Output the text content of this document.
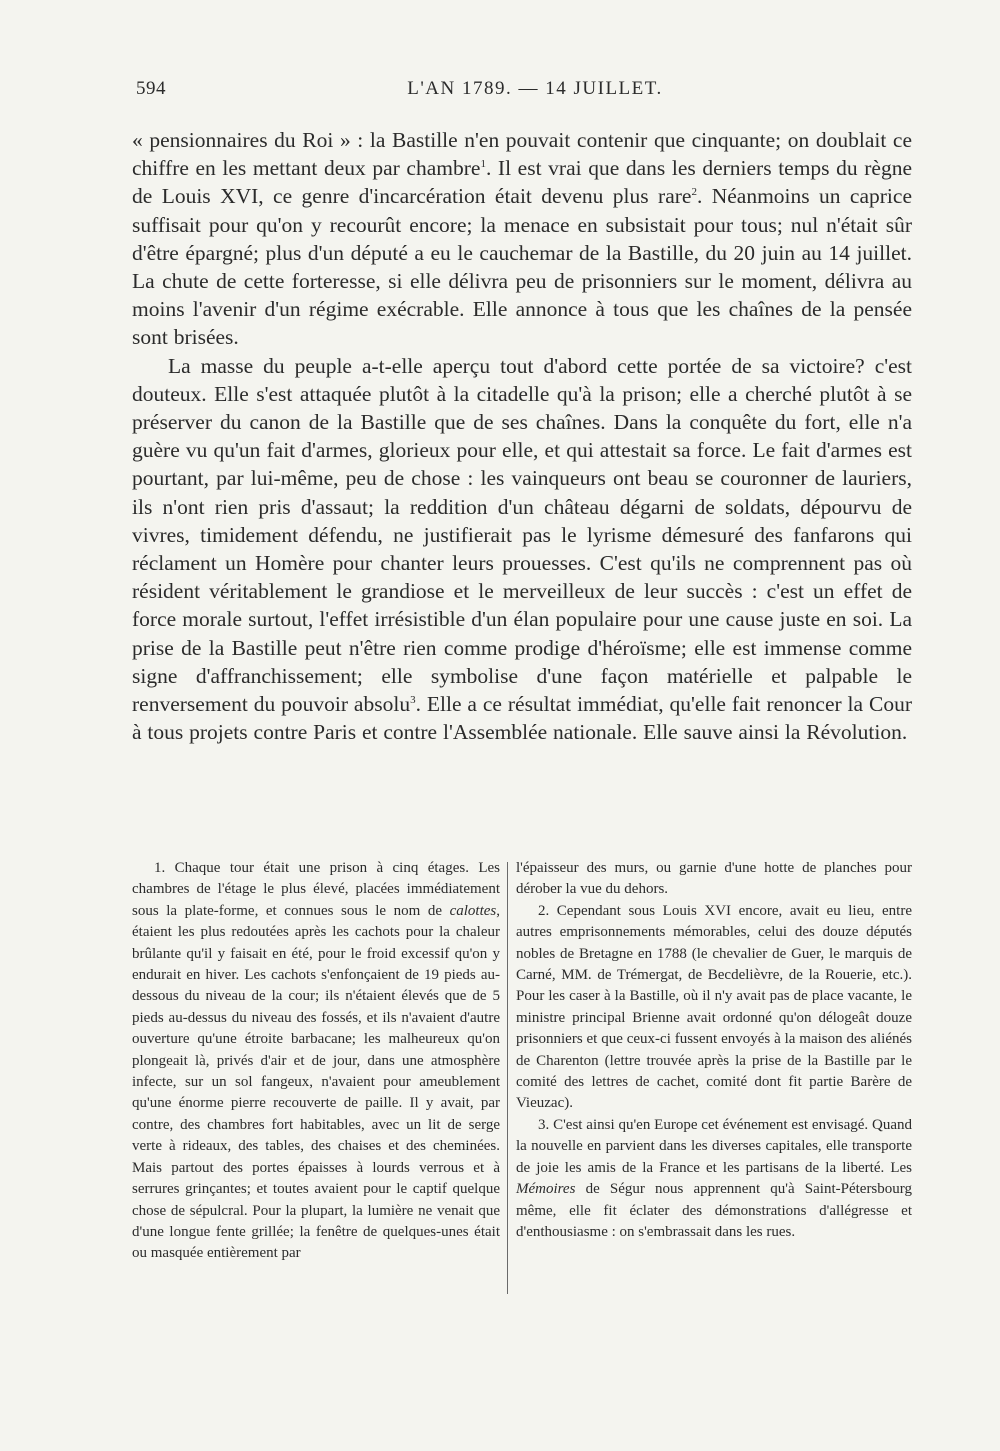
594	L'AN 1789. — 14 JUILLET.

« pensionnaires du Roi » : la Bastille n'en pouvait contenir que cinquante; on doublait ce chiffre en les mettant deux par chambre$^1$. Il est vrai que dans les derniers temps du règne de Louis XVI, ce genre d'incarcération était devenu plus rare$^2$. Néanmoins un caprice suffisait pour qu'on y recourût encore; la menace en subsistait pour tous; nul n'était sûr d'être épargné; plus d'un député a eu le cauchemar de la Bastille, du 20 juin au 14 juillet. La chute de cette forteresse, si elle délivra peu de prisonniers sur le moment, délivra au moins l'avenir d'un régime exécrable. Elle annonce à tous que les chaînes de la pensée sont brisées.

La masse du peuple a-t-elle aperçu tout d'abord cette portée de sa victoire? c'est douteux. Elle s'est attaquée plutôt à la citadelle qu'à la prison; elle a cherché plutôt à se préserver du canon de la Bastille que de ses chaînes. Dans la conquête du fort, elle n'a guère vu qu'un fait d'armes, glorieux pour elle, et qui attestait sa force. Le fait d'armes est pourtant, par lui-même, peu de chose : les vainqueurs ont beau se couronner de lauriers, ils n'ont rien pris d'assaut; la reddition d'un château dégarni de soldats, dépourvu de vivres, timidement défendu, ne justifierait pas le lyrisme démesuré des fanfarons qui réclament un Homère pour chanter leurs prouesses. C'est qu'ils ne comprennent pas où résident véritablement le grandiose et le merveilleux de leur succès : c'est un effet de force morale surtout, l'effet irrésistible d'un élan populaire pour une cause juste en soi. La prise de la Bastille peut n'être rien comme prodige d'héroïsme; elle est immense comme signe d'affranchissement; elle symbolise d'une façon matérielle et palpable le renversement du pouvoir absolu$^3$. Elle a ce résultat immédiat, qu'elle fait renoncer la Cour à tous projets contre Paris et contre l'Assemblée nationale. Elle sauve ainsi la Révolution.

1. Chaque tour était une prison à cinq étages. Les chambres de l'étage le plus élevé, placées immédiatement sous la plate-forme, et connues sous le nom de calottes, étaient les plus redoutées après les cachots pour la chaleur brûlante qu'il y faisait en été, pour le froid excessif qu'on y endurait en hiver. Les cachots s'enfonçaient de 19 pieds au-dessous du niveau de la cour; ils n'étaient élevés que de 5 pieds au-dessus du niveau des fossés, et ils n'avaient d'autre ouverture qu'une étroite barbacane; les malheureux qu'on plongeait là, privés d'air et de jour, dans une atmosphère infecte, sur un sol fangeux, n'avaient pour ameublement qu'une énorme pierre recouverte de paille. Il y avait, par contre, des chambres fort habitables, avec un lit de serge verte à rideaux, des tables, des chaises et des cheminées. Mais partout des portes épaisses à lourds verrous et à serrures grinçantes; et toutes avaient pour le captif quelque chose de sépulcral. Pour la plupart, la lumière ne venait que d'une longue fente grillée; la fenêtre de quelques-unes était ou masquée entièrement par

l'épaisseur des murs, ou garnie d'une hotte de planches pour dérober la vue du dehors.

2. Cependant sous Louis XVI encore, avait eu lieu, entre autres emprisonnements mémorables, celui des douze députés nobles de Bretagne en 1788 (le chevalier de Guer, le marquis de Carné, MM. de Trémergat, de Becdelièvre, de la Rouerie, etc.). Pour les caser à la Bastille, où il n'y avait pas de place vacante, le ministre principal Brienne avait ordonné qu'on délogeât douze prisonniers et que ceux-ci fussent envoyés à la maison des aliénés de Charenton (lettre trouvée après la prise de la Bastille par le comité des lettres de cachet, comité dont fit partie Barère de Vieuzac).

3. C'est ainsi qu'en Europe cet événement est envisagé. Quand la nouvelle en parvient dans les diverses capitales, elle transporte de joie les amis de la France et les partisans de la liberté. Les Mémoires de Ségur nous apprennent qu'à Saint-Pétersbourg même, elle fit éclater des démonstrations d'allégresse et d'enthousiasme : on s'embrassait dans les rues.
